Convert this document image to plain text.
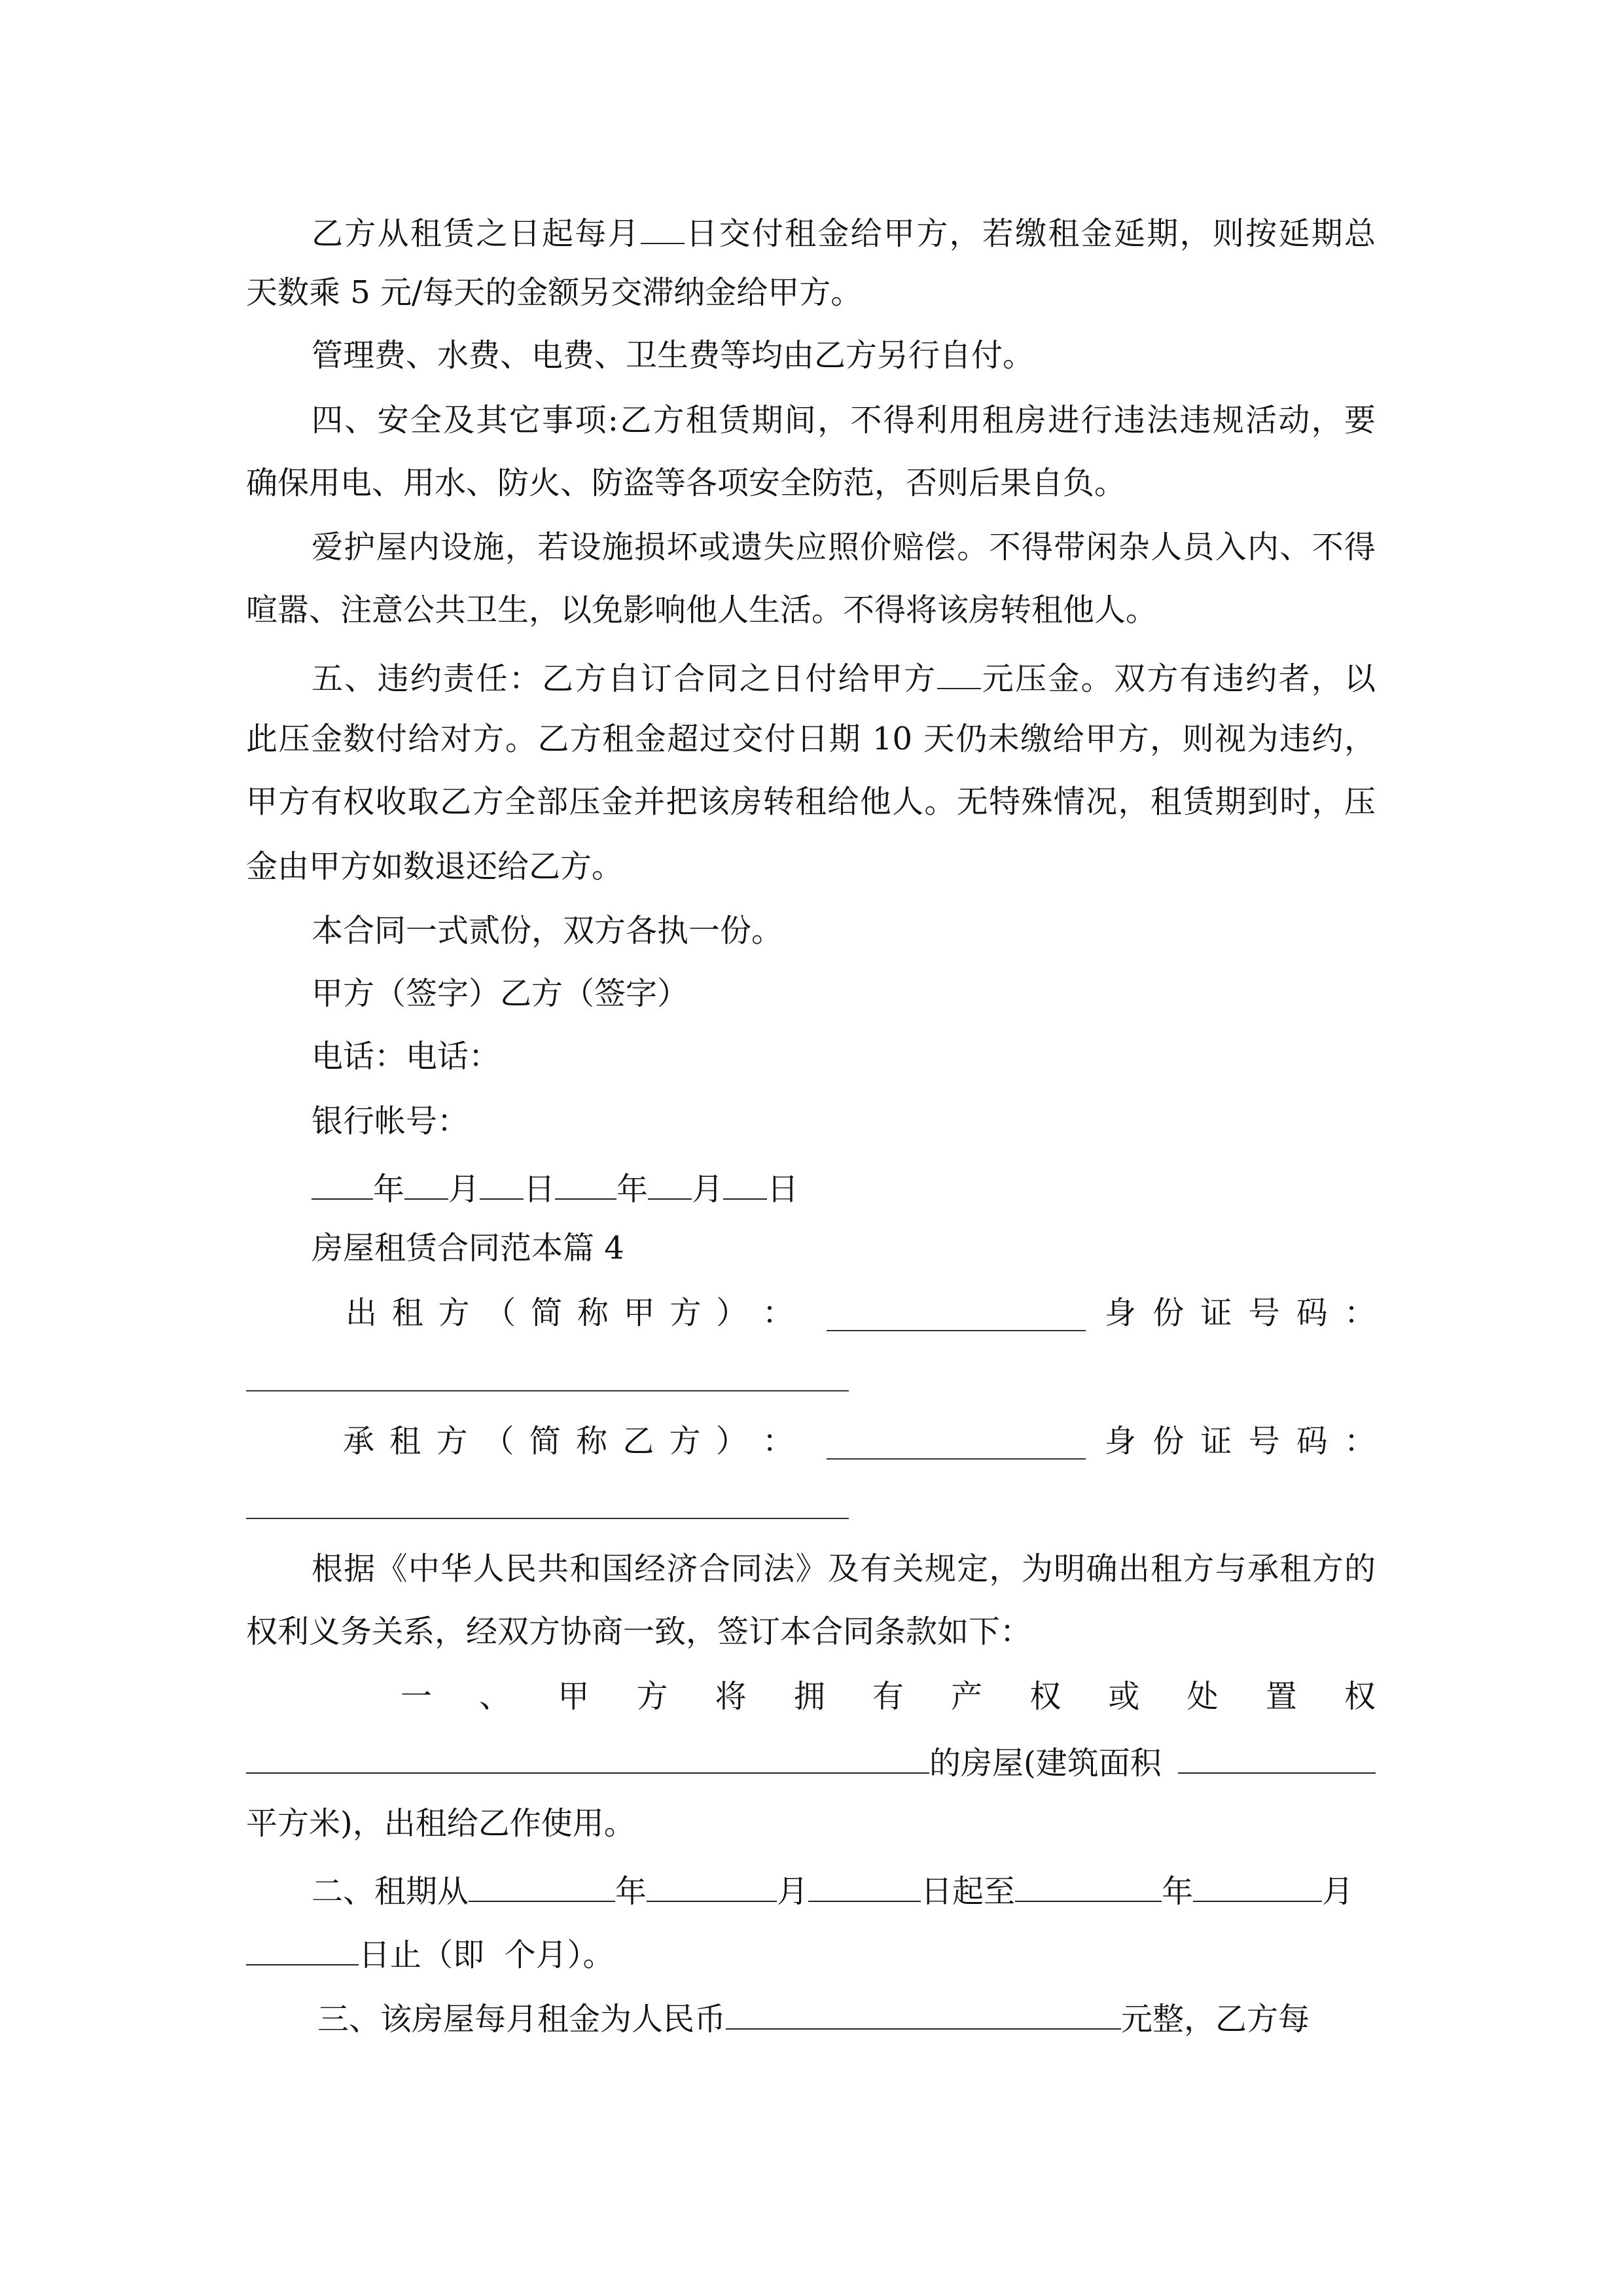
乙方从租赁之日起每月 日交付租金给甲方，若缴租金延期，则按延期总
天数乘 5 元/每天的金额另交滞纳金给甲方。
管理费、水费、电费、卫生费等均由乙方另行自付。
四、安全及其它事项:乙方租赁期间，不得利用租房进行违法违规活动，要
确保用电、用水、防火、防盗等各项安全防范，否则后果自负。
爱护屋内设施，若设施损坏或遗失应照价赔偿。不得带闲杂人员入内、不得
喧嚣、注意公共卫生，以免影响他人生活。不得将该房转租他人。
五、违约责任：乙方自订合同之日付给甲方 元压金。双方有违约者，以
此压金数付给对方。乙方租金超过交付日期 10 天仍未缴给甲方，则视为违约，
甲方有权收取乙方全部压金并把该房转租给他人。无特殊情况，租赁期到时，压
金由甲方如数退还给乙方。
本合同一式贰份，双方各执一份。
甲方（签字）乙方（签字）
电话：电话：
银行帐号：
年 月 日 年 月 日
房屋租赁合同范本篇 4
出 租 方 （ 简 称 甲 方 ） ：	身 份 证 号 码 ：
承 租 方 （ 简 称 乙 方 ） ：	身 份 证 号 码 ：
根据《中华人民共和国经济合同法》及有关规定，为明确出租方与承租方的
权利义务关系，经双方协商一致，签订本合同条款如下：
一 、 甲 方 将 拥 有 产 权 或 处 置 权
的房屋(建筑面积
平方米)，出租给乙作使用。
二、租期从	年	月	日起至	年	月
日止（即  个月）。
三、该房屋每月租金为人民币	元整，乙方每
